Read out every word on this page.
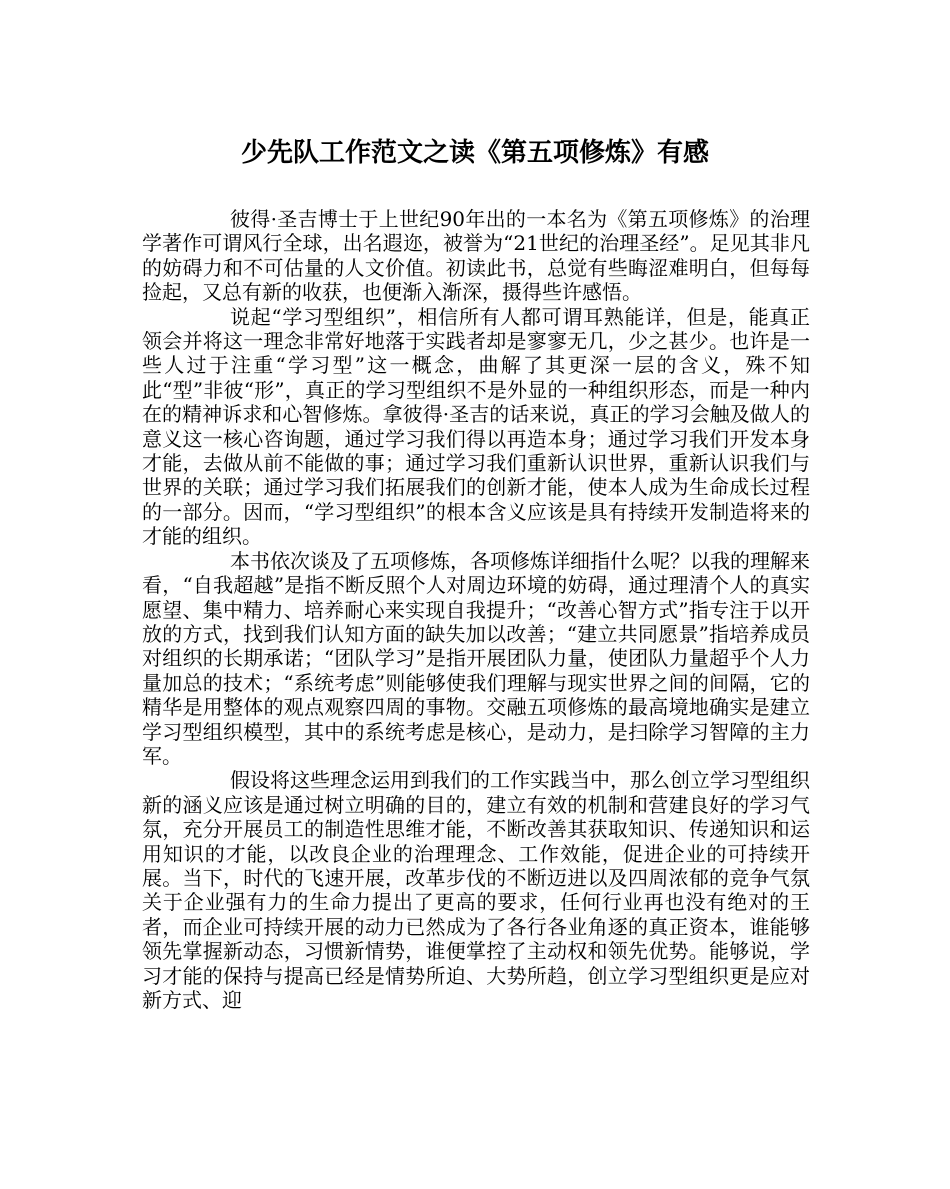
少先队工作范文之读《第五项修炼》有感

彼得·圣吉博士于上世纪90年出的一本名为《第五项修炼》的治理学著作可谓风行全球，出名遐迩，被誉为“21世纪的治理圣经”。足见其非凡的妨碍力和不可估量的人文价值。初读此书，总觉有些晦涩难明白，但每每捡起，又总有新的收获，也便渐入渐深，摄得些许感悟。

说起“学习型组织”，相信所有人都可谓耳熟能详，但是，能真正领会并将这一理念非常好地落于实践者却是寥寥无几，少之甚少。也许是一些人过于注重“学习型”这一概念，曲解了其更深一层的含义，殊不知此“型”非彼“形”，真正的学习型组织不是外显的一种组织形态，而是一种内在的精神诉求和心智修炼。拿彼得·圣吉的话来说，真正的学习会触及做人的意义这一核心咨询题，通过学习我们得以再造本身；通过学习我们开发本身才能，去做从前不能做的事；通过学习我们重新认识世界，重新认识我们与世界的关联；通过学习我们拓展我们的创新才能，使本人成为生命成长过程的一部分。因而，“学习型组织”的根本含义应该是具有持续开发制造将来的才能的组织。

本书依次谈及了五项修炼，各项修炼详细指什么呢？以我的理解来看，“自我超越”是指不断反照个人对周边环境的妨碍，通过理清个人的真实愿望、集中精力、培养耐心来实现自我提升；“改善心智方式”指专注于以开放的方式，找到我们认知方面的缺失加以改善；“建立共同愿景”指培养成员对组织的长期承诺；“团队学习”是指开展团队力量，使团队力量超乎个人力量加总的技术；“系统考虑”则能够使我们理解与现实世界之间的间隔，它的精华是用整体的观点观察四周的事物。交融五项修炼的最高境地确实是建立学习型组织模型，其中的系统考虑是核心，是动力，是扫除学习智障的主力军。

假设将这些理念运用到我们的工作实践当中，那么创立学习型组织新的涵义应该是通过树立明确的目的，建立有效的机制和营建良好的学习气氛，充分开展员工的制造性思维才能，不断改善其获取知识、传递知识和运用知识的才能，以改良企业的治理理念、工作效能，促进企业的可持续开展。当下，时代的飞速开展，改革步伐的不断迈进以及四周浓郁的竞争气氛关于企业强有力的生命力提出了更高的要求，任何行业再也没有绝对的王者，而企业可持续开展的动力已然成为了各行各业角逐的真正资本，谁能够领先掌握新动态，习惯新情势，谁便掌控了主动权和领先优势。能够说，学习才能的保持与提高已经是情势所迫、大势所趋，创立学习型组织更是应对新方式、迎
